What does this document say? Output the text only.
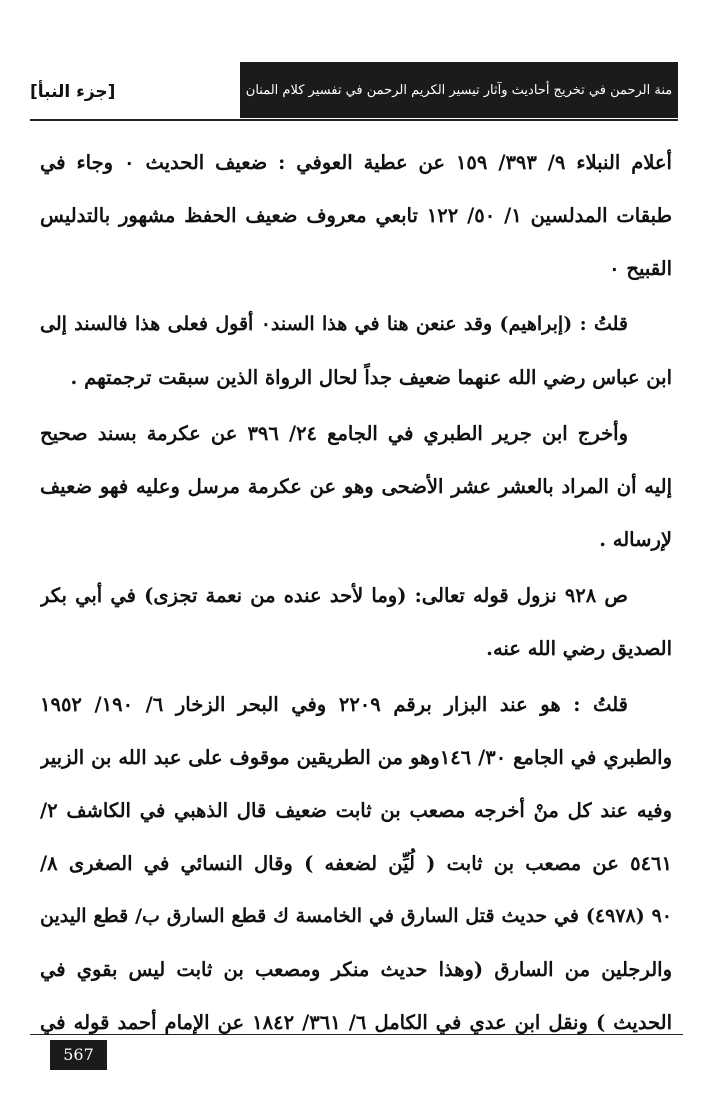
منة الرحمن في تخريج أحاديث وآثار تيسير الكريم الرحمن في تفسير كلام المنان
[جزء النبأ]
أعلام النبلاء ٩/ ٣٩٣/ ١٥٩ عن عطية العوفي : ضعيف الحديث ٠ وجاء في
طبقات المدلسين ١/ ٥٠/ ١٢٢ تابعي معروف ضعيف الحفظ مشهور بالتدليس
القبيح ٠
قلتُ : (إبراهيم) وقد عنعن هنا في هذا السند٠ أقول فعلى هذا فالسند إلى
ابن عباس رضي الله عنهما ضعيف جداً لحال الرواة الذين سبقت ترجمتهم .
وأخرج ابن جرير الطبري في الجامع ٢٤/ ٣٩٦ عن عكرمة بسند صحيح
إليه أن المراد بالعشر عشر الأضحى وهو عن عكرمة مرسل وعليه فهو ضعيف
لإرساله .
ص ٩٢٨ نزول قوله تعالى: (وما لأحد عنده من نعمة تجزى) في أبي بكر
الصديق رضي الله عنه.
قلتُ : هو عند البزار برقم ٢٢٠٩ وفي البحر الزخار ٦/ ١٩٠/ ١٩٥٢
والطبري في الجامع ٣٠/ ١٤٦وهو من الطريقين موقوف على عبد الله بن الزبير
وفيه عند كل منْ أخرجه مصعب بن ثابت ضعيف قال الذهبي في الكاشف ٢/
٥٤٦١ عن مصعب بن ثابت ( لُيِّن لضعفه ) وقال النسائي في الصغرى ٨/
٩٠ (٤٩٧٨) في حديث قتل السارق في الخامسة ك قطع السارق ب/ قطع اليدين
والرجلين من السارق (وهذا حديث منكر ومصعب بن ثابت ليس بقوي في
الحديث ) ونقل ابن عدي في الكامل ٦/ ٣٦١/ ١٨٤٢ عن الإمام أحمد قوله في
567
